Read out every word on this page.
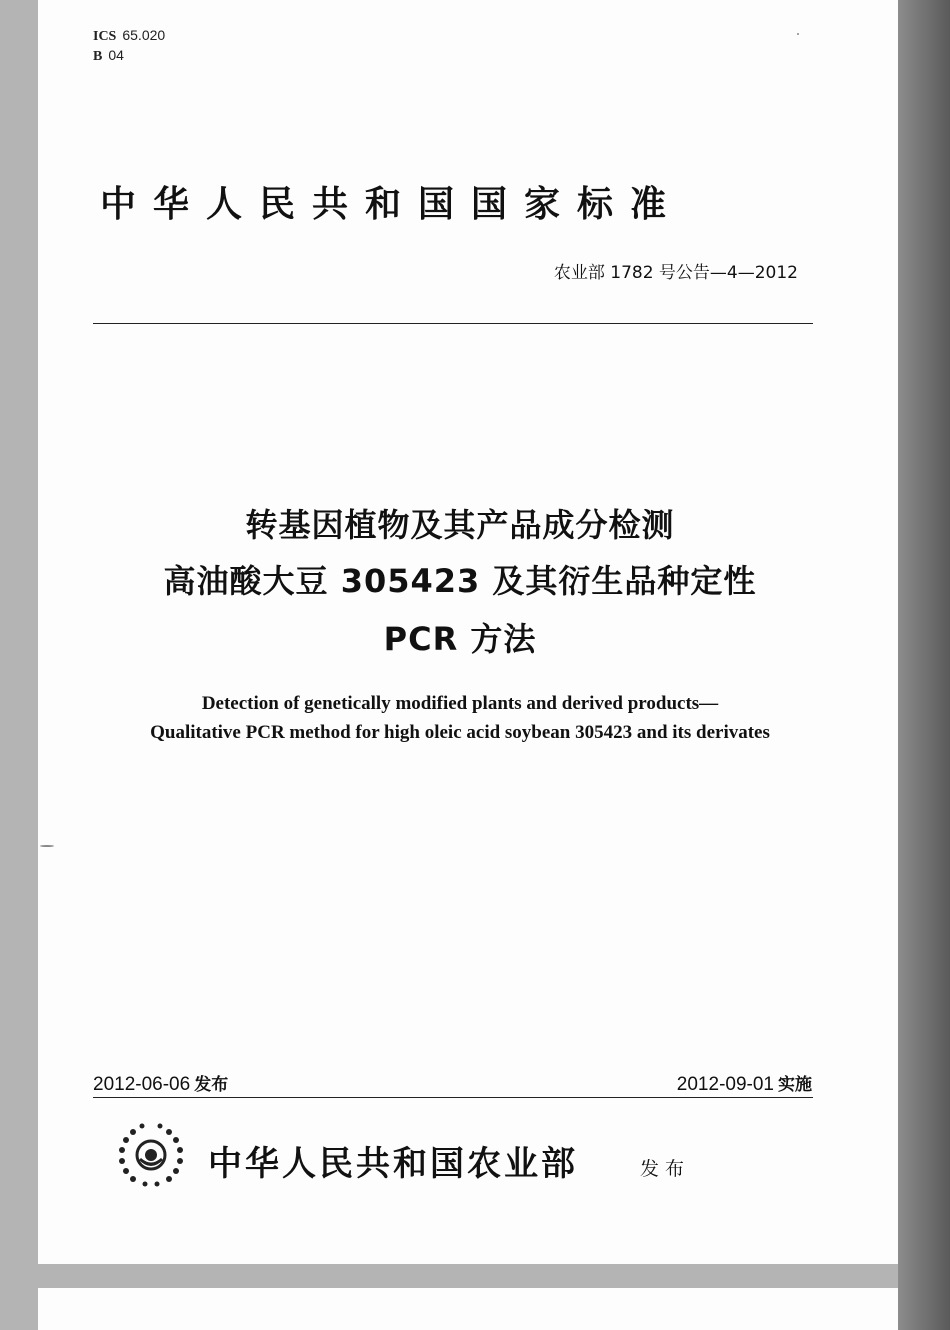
ICS 65.020
B 04
中华人民共和国国家标准
农业部 1782 号公告—4—2012
转基因植物及其产品成分检测
高油酸大豆 305423 及其衍生品种定性
PCR 方法
Detection of genetically modified plants and derived products—
Qualitative PCR method for high oleic acid soybean 305423 and its derivates
2012-06-06 发布	2012-09-01 实施
中华人民共和国农业部	发布
